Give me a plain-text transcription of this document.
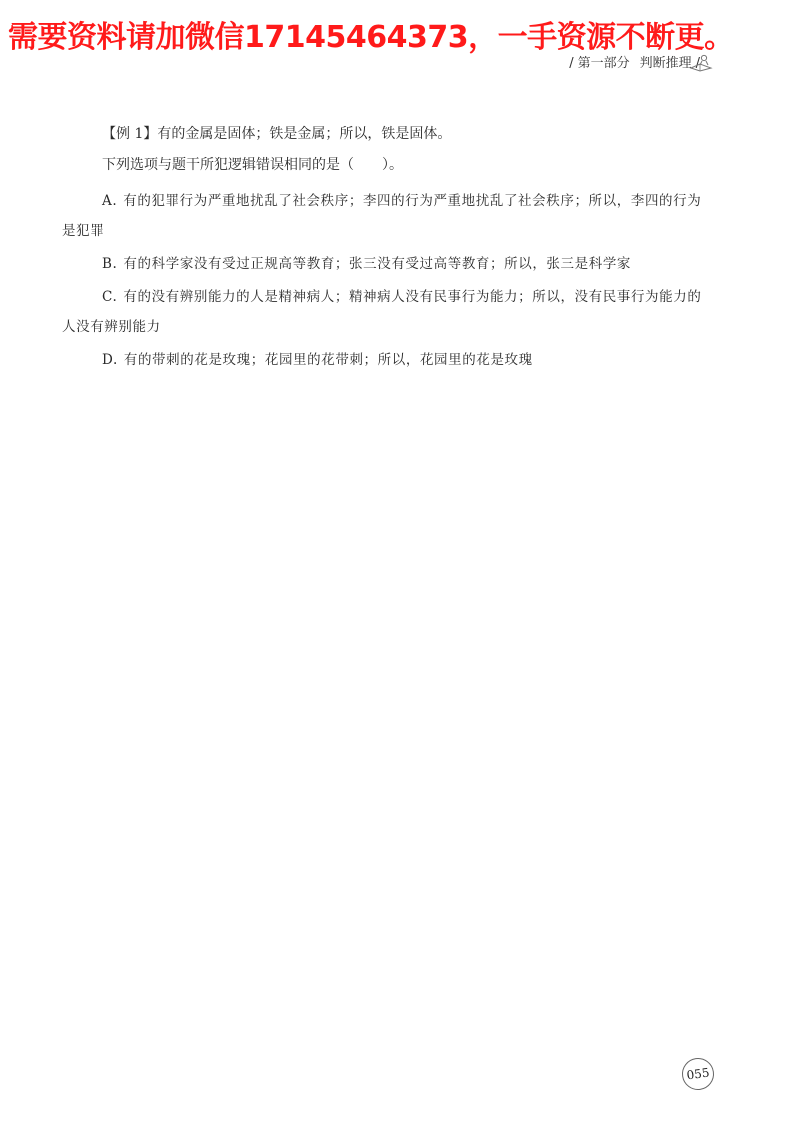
需要资料请加微信17145464373，一手资源不断更。
/ 第一部分 判断推理 /

【例 1】有的金属是固体；铁是金属；所以，铁是固体。

下列选项与题干所犯逻辑错误相同的是（　　）。

A. 有的犯罪行为严重地扰乱了社会秩序；李四的行为严重地扰乱了社会秩序；所以，李四的行为是犯罪

B. 有的科学家没有受过正规高等教育；张三没有受过高等教育；所以，张三是科学家

C. 有的没有辨别能力的人是精神病人；精神病人没有民事行为能力；所以，没有民事行为能力的人没有辨别能力

D. 有的带刺的花是玫瑰；花园里的花带刺；所以，花园里的花是玫瑰

055
